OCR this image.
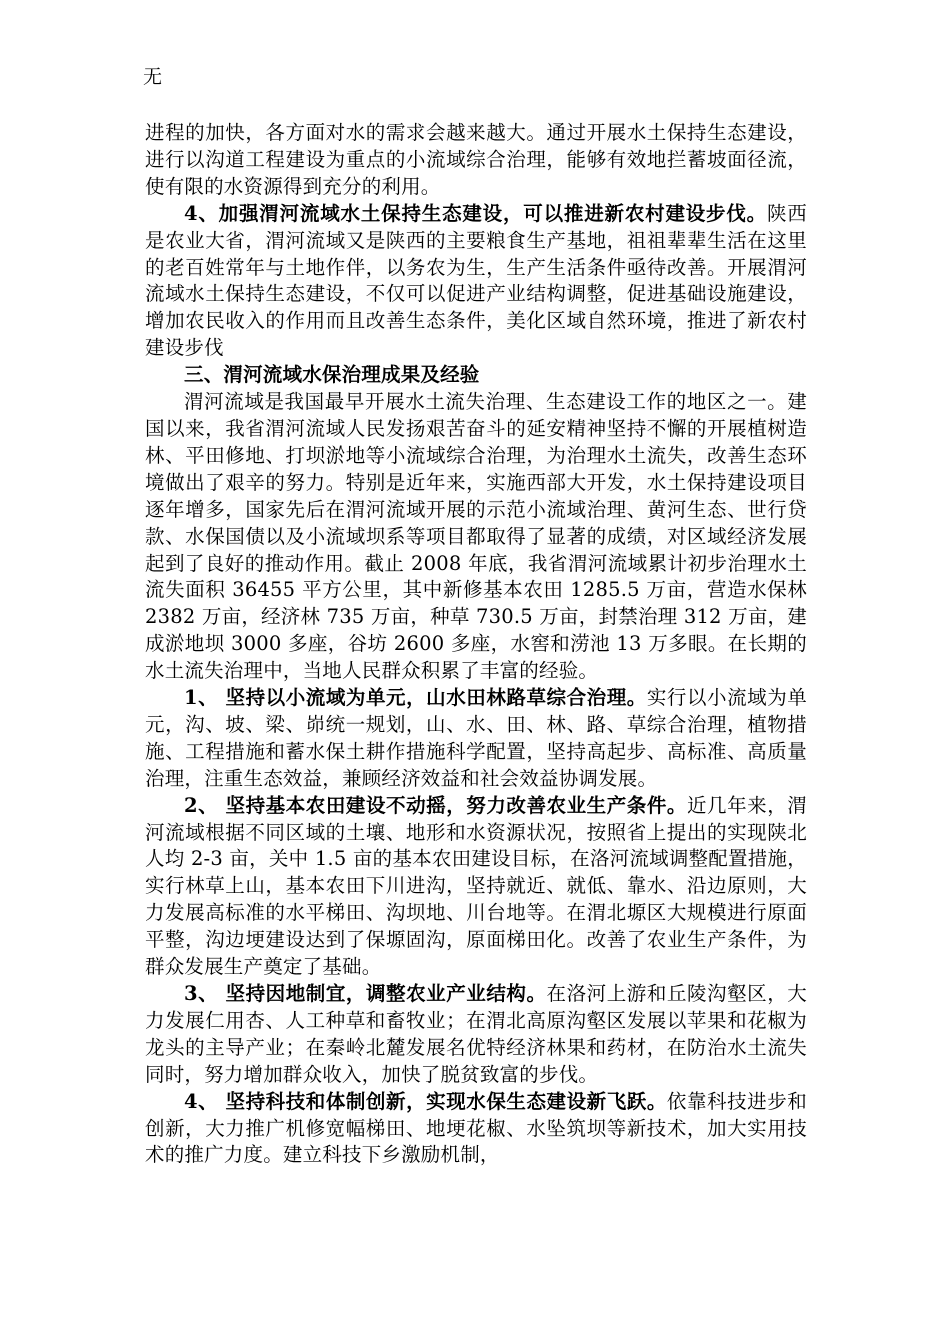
无

进程的加快，各方面对水的需求会越来越大。通过开展水土保持生态建设，进行以沟道工程建设为重点的小流域综合治理，能够有效地拦蓄坡面径流，使有限的水资源得到充分的利用。

4、加强渭河流域水土保持生态建设，可以推进新农村建设步伐。陕西是农业大省，渭河流域又是陕西的主要粮食生产基地，祖祖辈辈生活在这里的老百姓常年与土地作伴，以务农为生，生产生活条件亟待改善。开展渭河流域水土保持生态建设，不仅可以促进产业结构调整，促进基础设施建设，增加农民收入的作用而且改善生态条件，美化区域自然环境，推进了新农村建设步伐

三、渭河流域水保治理成果及经验

渭河流域是我国最早开展水土流失治理、生态建设工作的地区之一。建国以来，我省渭河流域人民发扬艰苦奋斗的延安精神坚持不懈的开展植树造林、平田修地、打坝淤地等小流域综合治理，为治理水土流失，改善生态环境做出了艰辛的努力。特别是近年来，实施西部大开发，水土保持建设项目逐年增多，国家先后在渭河流域开展的示范小流域治理、黄河生态、世行贷款、水保国债以及小流域坝系等项目都取得了显著的成绩，对区域经济发展起到了良好的推动作用。截止 2008 年底，我省渭河流域累计初步治理水土流失面积 36455 平方公里，其中新修基本农田 1285.5 万亩，营造水保林 2382 万亩，经济林 735 万亩，种草 730.5 万亩，封禁治理 312 万亩，建成淤地坝 3000 多座，谷坊 2600 多座，水窖和涝池 13 万多眼。在长期的水土流失治理中，当地人民群众积累了丰富的经验。

1、 坚持以小流域为单元，山水田林路草综合治理。实行以小流域为单元，沟、坡、梁、峁统一规划，山、水、田、林、路、草综合治理，植物措施、工程措施和蓄水保土耕作措施科学配置，坚持高起步、高标准、高质量治理，注重生态效益，兼顾经济效益和社会效益协调发展。

2、 坚持基本农田建设不动摇，努力改善农业生产条件。近几年来，渭河流域根据不同区域的土壤、地形和水资源状况，按照省上提出的实现陕北人均 2-3 亩，关中 1.5 亩的基本农田建设目标，在洛河流域调整配置措施，实行林草上山，基本农田下川进沟，坚持就近、就低、靠水、沿边原则，大力发展高标准的水平梯田、沟坝地、川台地等。在渭北塬区大规模进行原面平整，沟边埂建设达到了保塬固沟，原面梯田化。改善了农业生产条件，为群众发展生产奠定了基础。

3、 坚持因地制宜，调整农业产业结构。在洛河上游和丘陵沟壑区，大力发展仁用杏、人工种草和畜牧业；在渭北高原沟壑区发展以苹果和花椒为龙头的主导产业；在秦岭北麓发展名优特经济林果和药材，在防治水土流失同时，努力增加群众收入，加快了脱贫致富的步伐。

4、 坚持科技和体制创新，实现水保生态建设新飞跃。依靠科技进步和创新，大力推广机修宽幅梯田、地埂花椒、水坠筑坝等新技术，加大实用技术的推广力度。建立科技下乡激励机制，
